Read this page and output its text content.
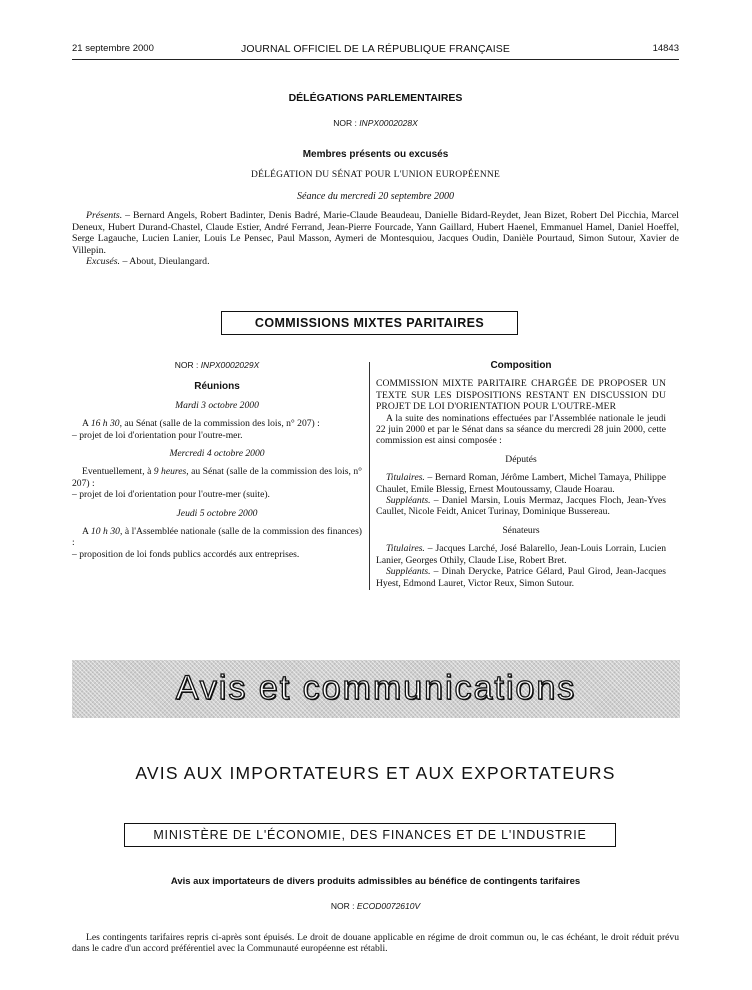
21 septembre 2000	JOURNAL OFFICIEL DE LA RÉPUBLIQUE FRANÇAISE	14843
DÉLÉGATIONS PARLEMENTAIRES
NOR : INPX0002028X
Membres présents ou excusés
DÉLÉGATION DU SÉNAT POUR L'UNION EUROPÉENNE
Séance du mercredi 20 septembre 2000

Présents. – Bernard Angels, Robert Badinter, Denis Badré, Marie-Claude Beaudeau, Danielle Bidard-Reydet, Jean Bizet, Robert Del Picchia, Marcel Deneux, Hubert Durand-Chastel, Claude Estier, André Ferrand, Jean-Pierre Fourcade, Yann Gaillard, Hubert Haenel, Emmanuel Hamel, Daniel Hoeffel, Serge Lagauche, Lucien Lanier, Louis Le Pensec, Paul Masson, Aymeri de Montesquiou, Jacques Oudin, Danièle Pourtaud, Simon Sutour, Xavier de Villepin.

Excusés. – About, Dieulangard.

COMMISSIONS MIXTES PARITAIRES
NOR : INPX0002029X
Réunions
Mardi 3 octobre 2000

A 16 h 30, au Sénat (salle de la commission des lois, n° 207) :

– projet de loi d'orientation pour l'outre-mer.

Mercredi 4 octobre 2000

Eventuellement, à 9 heures, au Sénat (salle de la commission des lois, n° 207) :

– projet de loi d'orientation pour l'outre-mer (suite).

Jeudi 5 octobre 2000

A 10 h 30, à l'Assemblée nationale (salle de la commission des finances) :

– proposition de loi fonds publics accordés aux entreprises.

Composition

COMMISSION MIXTE PARITAIRE CHARGÉE DE PROPOSER UN TEXTE SUR LES DISPOSITIONS RESTANT EN DISCUSSION DU PROJET DE LOI D'ORIENTATION POUR L'OUTRE-MER

A la suite des nominations effectuées par l'Assemblée nationale le jeudi 22 juin 2000 et par le Sénat dans sa séance du mercredi 28 juin 2000, cette commission est ainsi composée :

Députés

Titulaires. – Bernard Roman, Jérôme Lambert, Michel Tamaya, Philippe Chaulet, Emile Blessig, Ernest Moutoussamy, Claude Hoarau.

Suppléants. – Daniel Marsin, Louis Mermaz, Jacques Floch, Jean-Yves Caullet, Nicole Feidt, Anicet Turinay, Dominique Bussereau.

Sénateurs

Titulaires. – Jacques Larché, José Balarello, Jean-Louis Lorrain, Lucien Lanier, Georges Othily, Claude Lise, Robert Bret.

Suppléants. – Dinah Derycke, Patrice Gélard, Paul Girod, Jean-Jacques Hyest, Edmond Lauret, Victor Reux, Simon Sutour.

Avis et communications
AVIS AUX IMPORTATEURS ET AUX EXPORTATEURS
MINISTÈRE DE L'ÉCONOMIE, DES FINANCES ET DE L'INDUSTRIE
Avis aux importateurs de divers produits admissibles au bénéfice de contingents tarifaires
NOR : ECOD0072610V

Les contingents tarifaires repris ci-après sont épuisés. Le droit de douane applicable en régime de droit commun ou, le cas échéant, le droit réduit prévu dans le cadre d'un accord préférentiel avec la Communauté européenne est rétabli.
